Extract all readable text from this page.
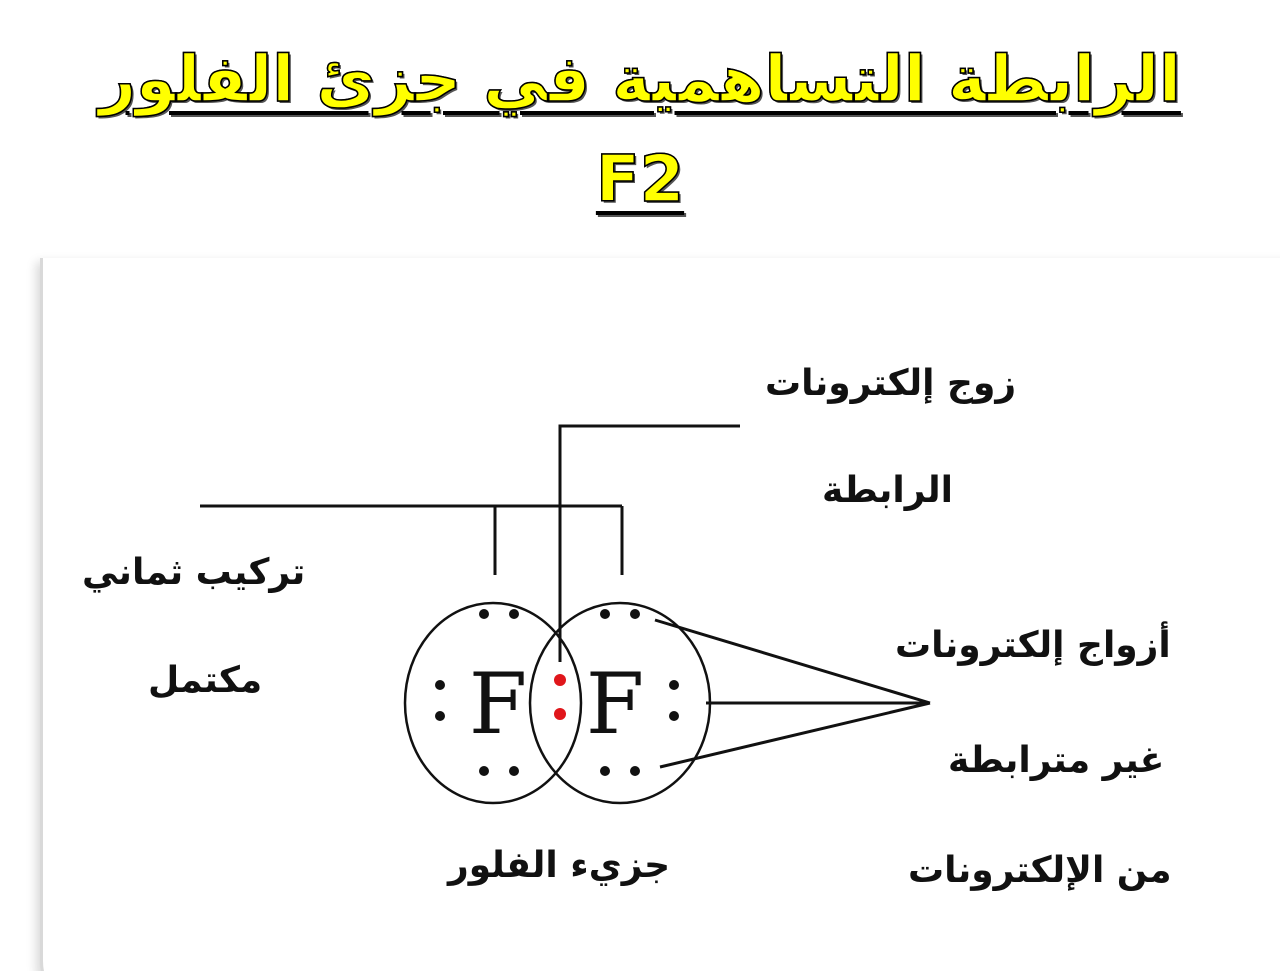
الرابطة التساهمية في جزئ الفلور F2
F F
زوج إلكترونات
الرابطة
تركيب ثماني
مكتمل
أزواج إلكترونات
غير مترابطة
من الإلكترونات
جزيء الفلور
